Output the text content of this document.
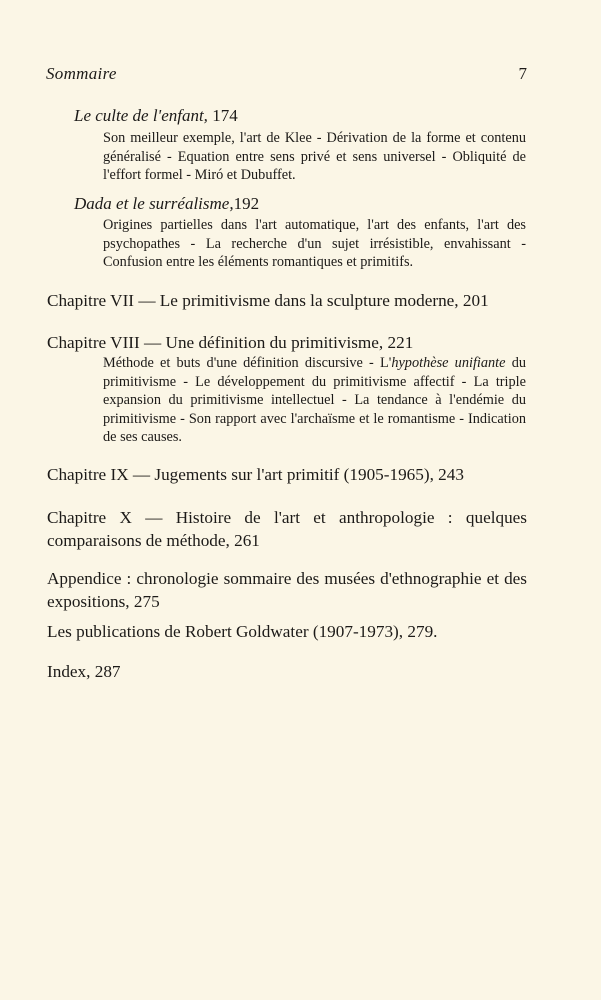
Sommaire	7
Le culte de l'enfant, 174
Son meilleur exemple, l'art de Klee - Dérivation de la forme et contenu généralisé - Equation entre sens privé et sens universel - Obliquité de l'effort formel - Miró et Dubuffet.
Dada et le surréalisme,192
Origines partielles dans l'art automatique, l'art des enfants, l'art des psychopathes - La recherche d'un sujet irrésistible, envahissant - Confusion entre les éléments romantiques et primitifs.
Chapitre VII — Le primitivisme dans la sculpture moderne, 201
Chapitre VIII — Une définition du primitivisme, 221
Méthode et buts d'une définition discursive - L'hypothèse unifiante du primitivisme - Le développement du primitivisme affectif - La triple expansion du primitivisme intellectuel - La tendance à l'endémie du primitivisme - Son rapport avec l'archaïsme et le romantisme - Indication de ses causes.
Chapitre IX — Jugements sur l'art primitif (1905-1965), 243
Chapitre X — Histoire de l'art et anthropologie : quelques comparaisons de méthode, 261
Appendice : chronologie sommaire des musées d'ethnographie et des expositions, 275
Les publications de Robert Goldwater (1907-1973), 279.
Index, 287
